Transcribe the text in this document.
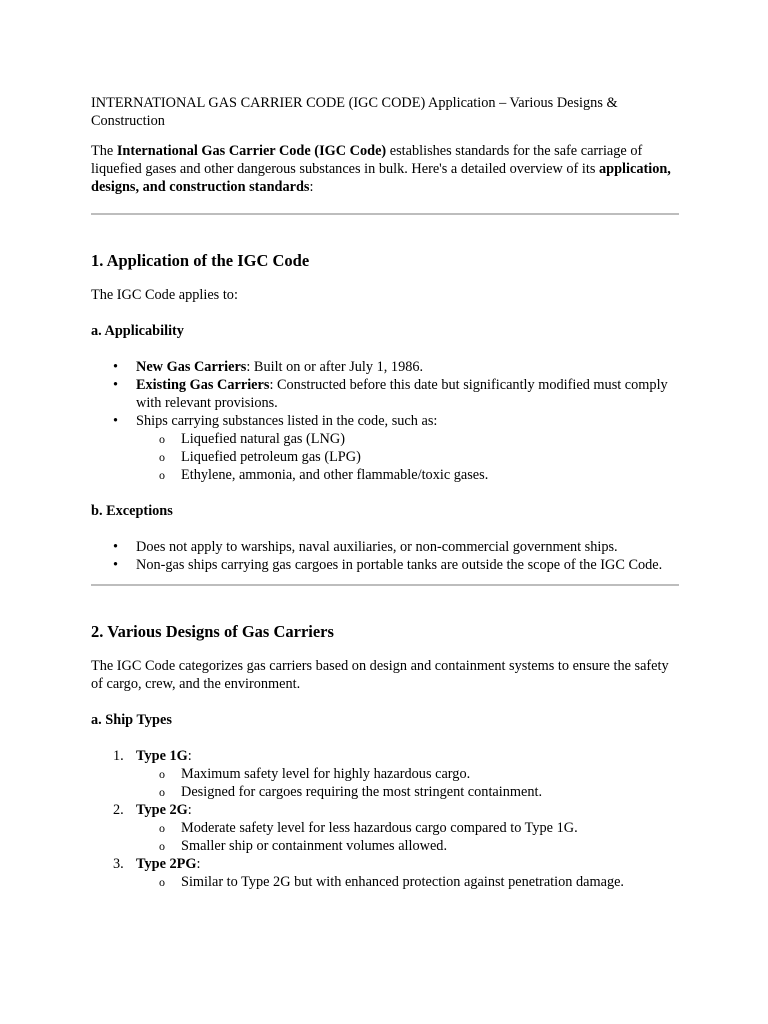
INTERNATIONAL GAS CARRIER CODE (IGC CODE) Application – Various Designs & Construction

The International Gas Carrier Code (IGC Code) establishes standards for the safe carriage of liquefied gases and other dangerous substances in bulk. Here's a detailed overview of its application, designs, and construction standards:

1. Application of the IGC Code

The IGC Code applies to:

a. Applicability
• New Gas Carriers: Built on or after July 1, 1986.
• Existing Gas Carriers: Constructed before this date but significantly modified must comply with relevant provisions.
• Ships carrying substances listed in the code, such as:
o Liquefied natural gas (LNG)
o Liquefied petroleum gas (LPG)
o Ethylene, ammonia, and other flammable/toxic gases.
b. Exceptions
• Does not apply to warships, naval auxiliaries, or non-commercial government ships.
• Non-gas ships carrying gas cargoes in portable tanks are outside the scope of the IGC Code.
2. Various Designs of Gas Carriers

The IGC Code categorizes gas carriers based on design and containment systems to ensure the safety of cargo, crew, and the environment.

a. Ship Types
1. Type 1G:
o Maximum safety level for highly hazardous cargo.
o Designed for cargoes requiring the most stringent containment.
2. Type 2G:
o Moderate safety level for less hazardous cargo compared to Type 1G.
o Smaller ship or containment volumes allowed.
3. Type 2PG:
o Similar to Type 2G but with enhanced protection against penetration damage.
